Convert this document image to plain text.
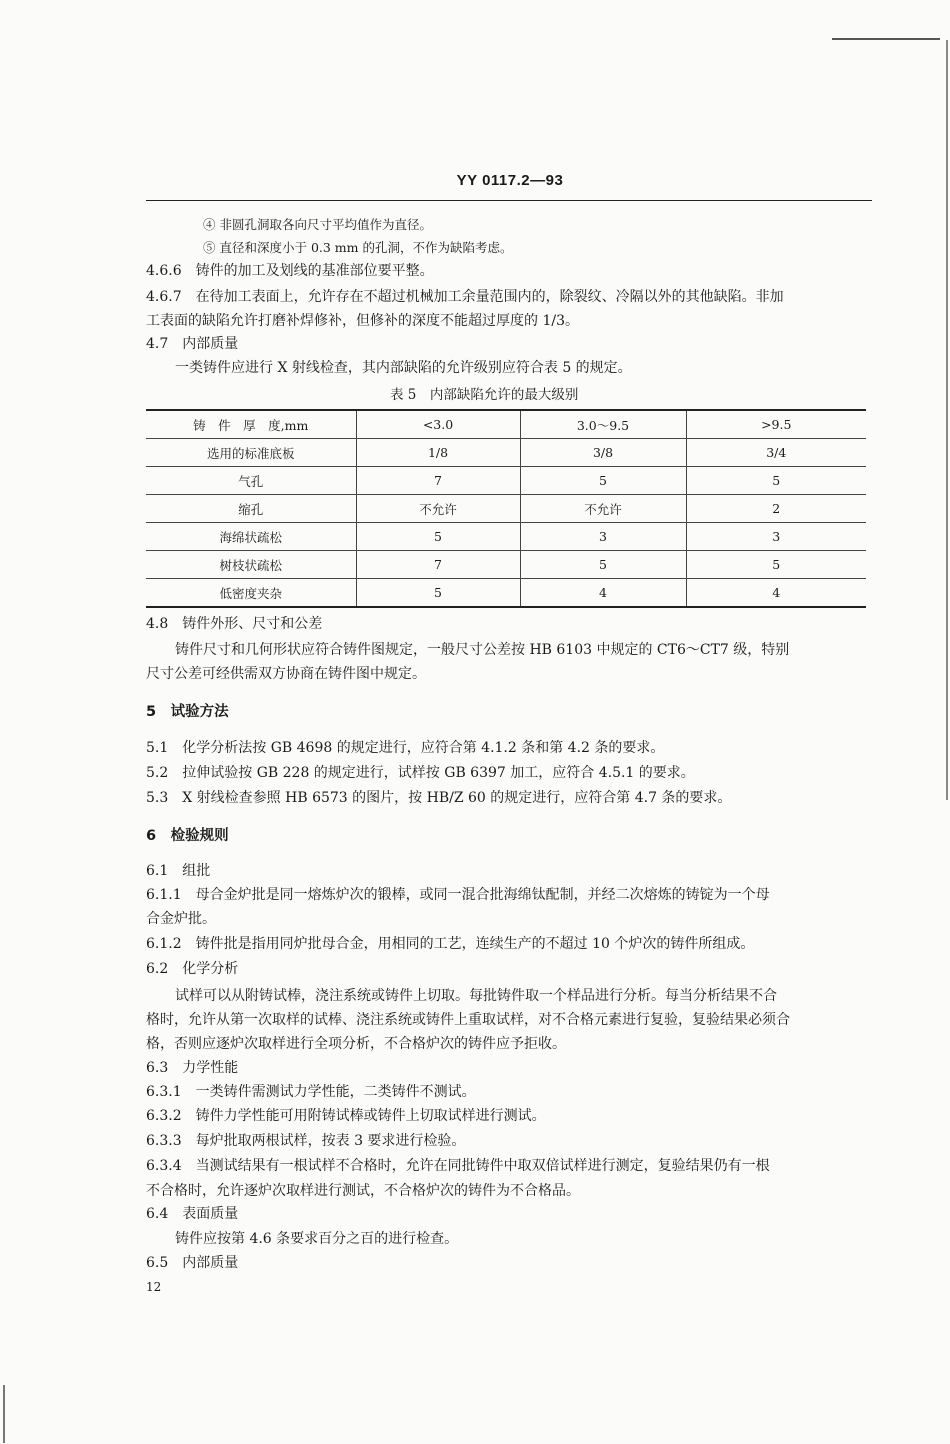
YY 0117.2—93
④ 非圆孔洞取各向尺寸平均值作为直径。
⑤ 直径和深度小于 0.3 mm 的孔洞，不作为缺陷考虑。
4.6.6　铸件的加工及划线的基准部位要平整。
4.6.7　在待加工表面上，允许存在不超过机械加工余量范围内的，除裂纹、冷隔以外的其他缺陷。非加
工表面的缺陷允许打磨补焊修补，但修补的深度不能超过厚度的 1/3。
4.7　内部质量
一类铸件应进行 X 射线检查，其内部缺陷的允许级别应符合表 5 的规定。
表 5　内部缺陷允许的最大级别
铸　件　厚　度,mm	<3.0	3.0～9.5	>9.5
选用的标准底板	1/8	3/8	3/4
气孔	7	5	5
缩孔	不允许	不允许	2
海绵状疏松	5	3	3
树枝状疏松	7	5	5
低密度夹杂	5	4	4
4.8　铸件外形、尺寸和公差
铸件尺寸和几何形状应符合铸件图规定，一般尺寸公差按 HB 6103 中规定的 CT6～CT7 级，特别
尺寸公差可经供需双方协商在铸件图中规定。
5　试验方法
5.1　化学分析法按 GB 4698 的规定进行，应符合第 4.1.2 条和第 4.2 条的要求。
5.2　拉伸试验按 GB 228 的规定进行，试样按 GB 6397 加工，应符合 4.5.1 的要求。
5.3　X 射线检查参照 HB 6573 的图片，按 HB/Z 60 的规定进行，应符合第 4.7 条的要求。
6　检验规则
6.1　组批
6.1.1　母合金炉批是同一熔炼炉次的锻棒，或同一混合批海绵钛配制，并经二次熔炼的铸锭为一个母
合金炉批。
6.1.2　铸件批是指用同炉批母合金，用相同的工艺，连续生产的不超过 10 个炉次的铸件所组成。
6.2　化学分析
试样可以从附铸试棒，浇注系统或铸件上切取。每批铸件取一个样品进行分析。每当分析结果不合
格时，允许从第一次取样的试棒、浇注系统或铸件上重取试样，对不合格元素进行复验，复验结果必须合
格，否则应逐炉次取样进行全项分析，不合格炉次的铸件应予拒收。
6.3　力学性能
6.3.1　一类铸件需测试力学性能，二类铸件不测试。
6.3.2　铸件力学性能可用附铸试棒或铸件上切取试样进行测试。
6.3.3　每炉批取两根试样，按表 3 要求进行检验。
6.3.4　当测试结果有一根试样不合格时，允许在同批铸件中取双倍试样进行测定，复验结果仍有一根
不合格时，允许逐炉次取样进行测试，不合格炉次的铸件为不合格品。
6.4　表面质量
铸件应按第 4.6 条要求百分之百的进行检查。
6.5　内部质量
12
